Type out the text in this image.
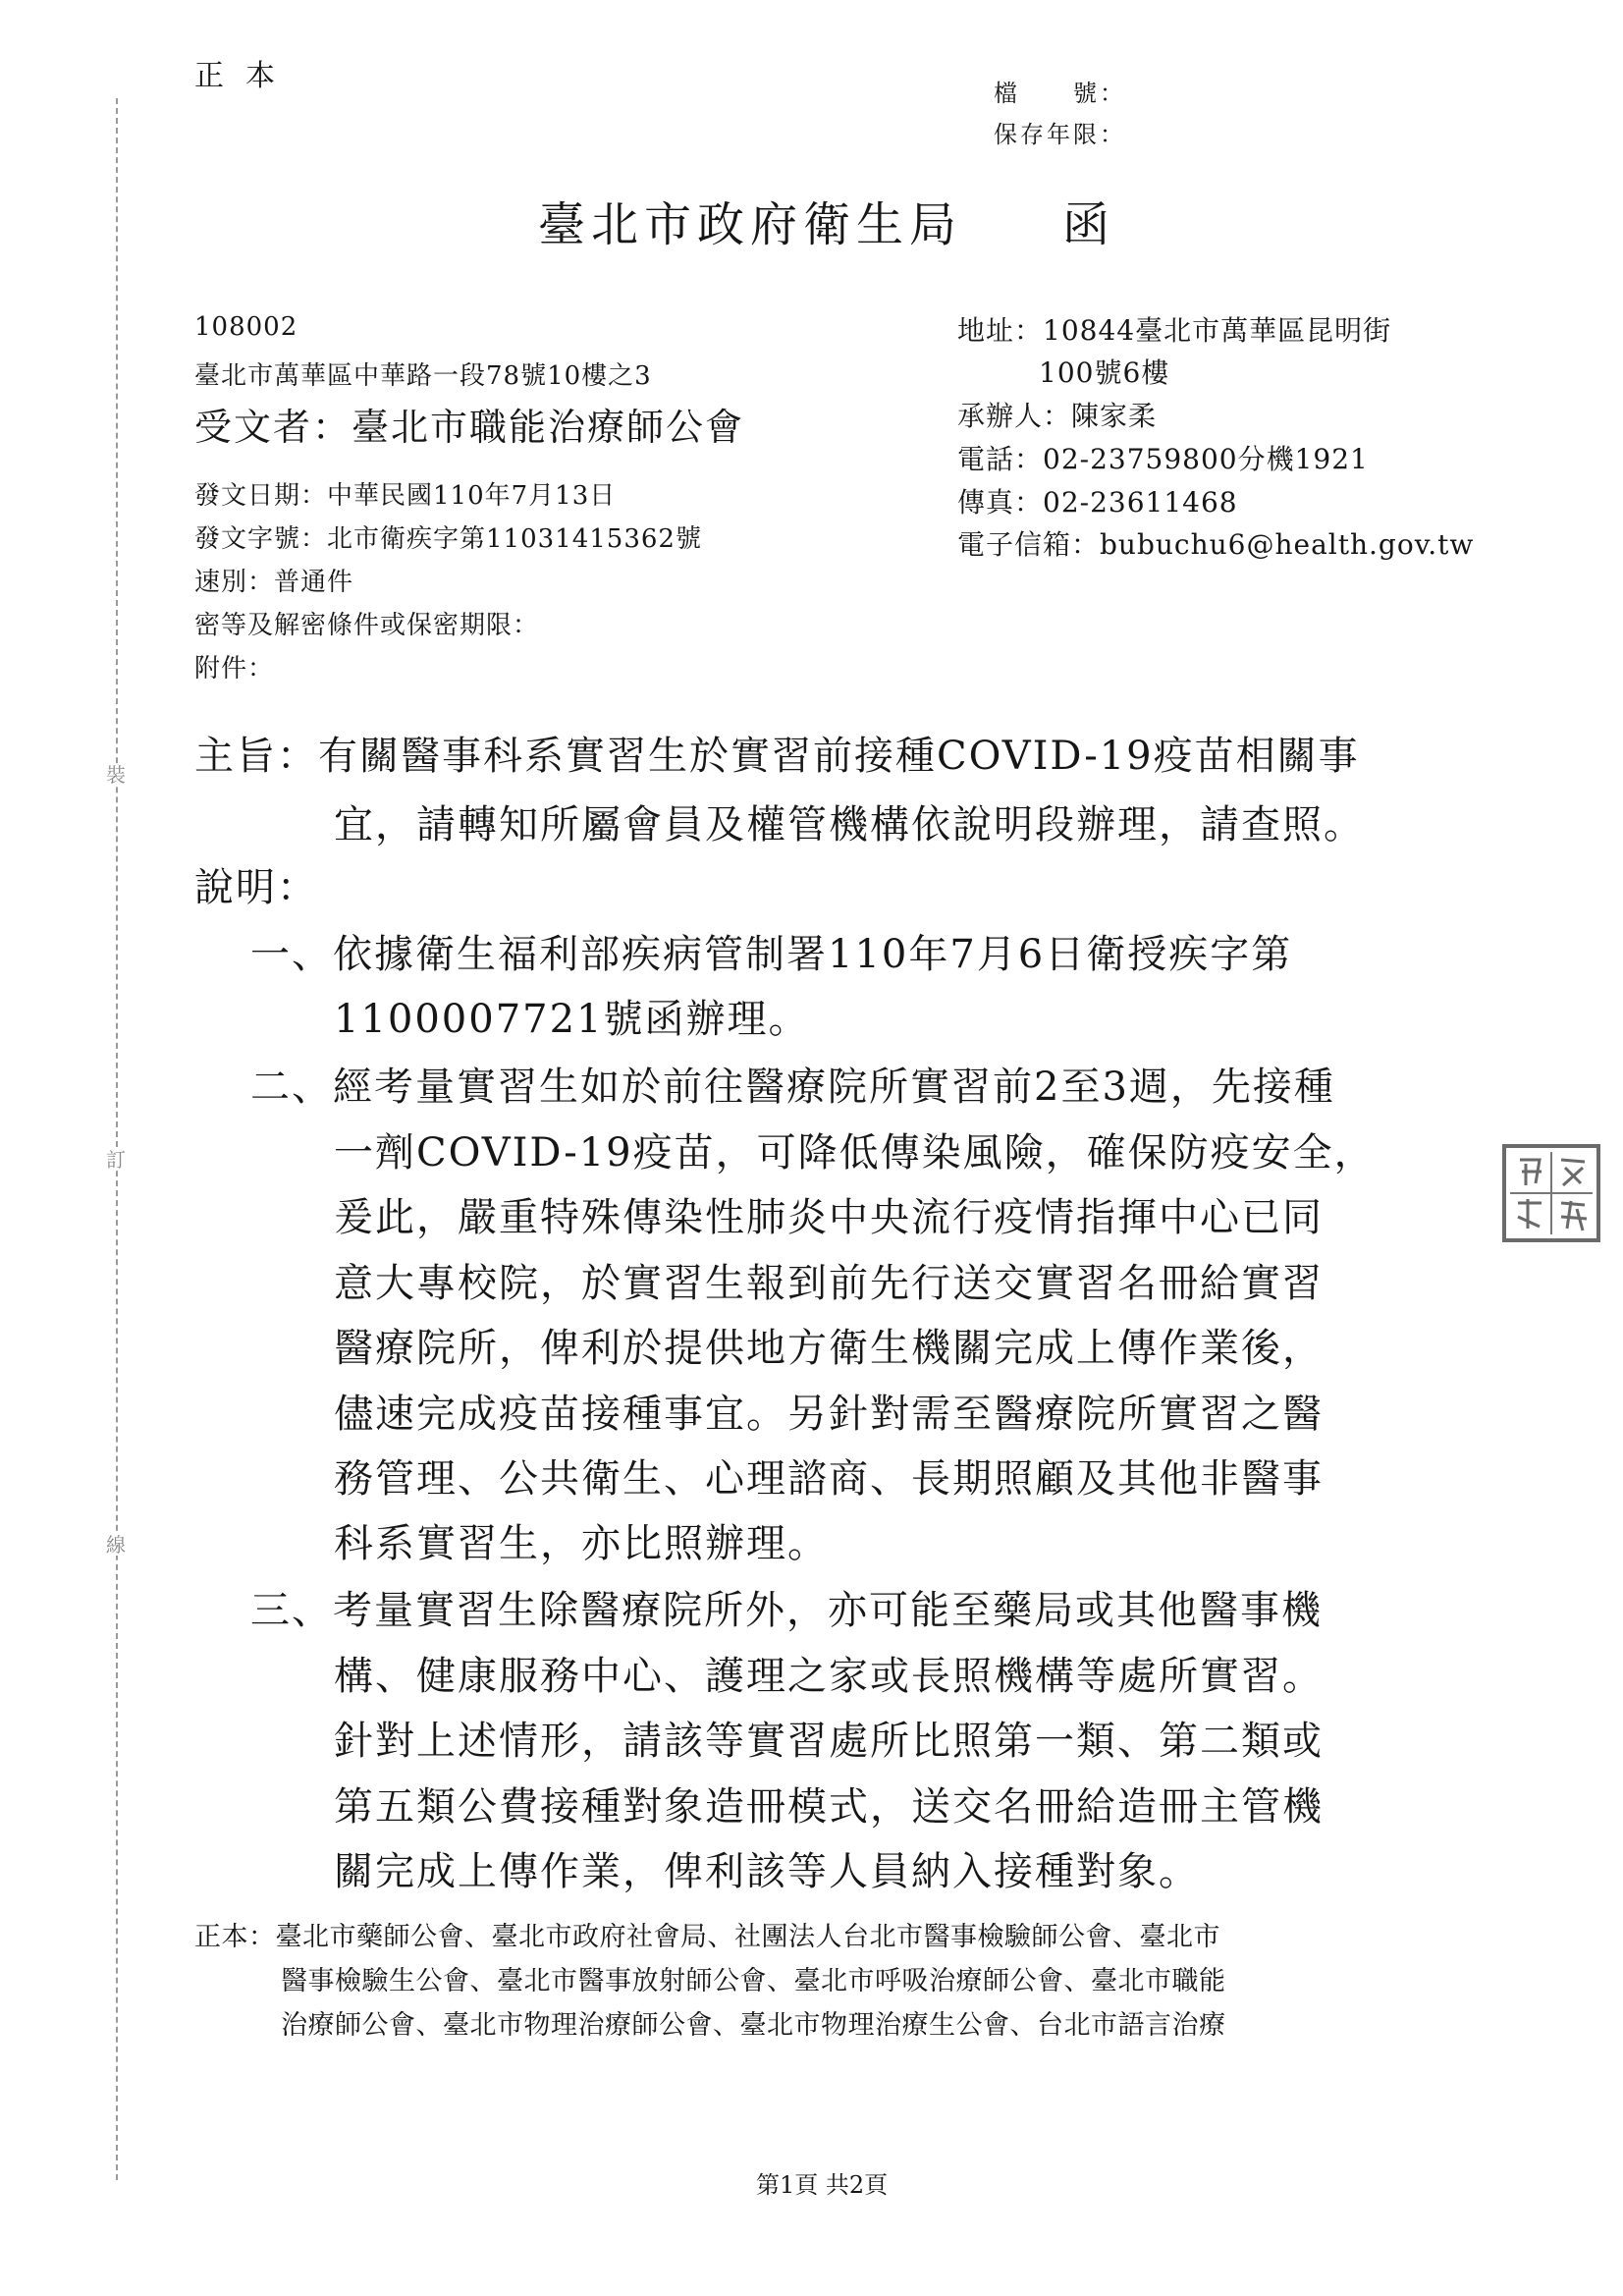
裝
訂
線
正本	檔　　號：
保存年限：
臺北市政府衛生局 函
108002
臺北市萬華區中華路一段78號10樓之3
受文者：臺北市職能治療師公會
地址：10844臺北市萬華區昆明街
100號6樓
承辦人：陳家柔
電話：02-23759800分機1921
傳真：02-23611468
電子信箱：bubuchu6@health.gov.tw
發文日期：中華民國110年7月13日
發文字號：北市衛疾字第11031415362號
速別：普通件
密等及解密條件或保密期限：
附件：
主旨：有關醫事科系實習生於實習前接種COVID-19疫苗相關事
宜，請轉知所屬會員及權管機構依說明段辦理，請查照。
說明：
一、依據衛生福利部疾病管制署110年7月6日衛授疾字第
1100007721號函辦理。
二、經考量實習生如於前往醫療院所實習前2至3週，先接種
一劑COVID-19疫苗，可降低傳染風險，確保防疫安全，
爰此，嚴重特殊傳染性肺炎中央流行疫情指揮中心已同
意大專校院，於實習生報到前先行送交實習名冊給實習
醫療院所，俾利於提供地方衛生機關完成上傳作業後，
儘速完成疫苗接種事宜。另針對需至醫療院所實習之醫
務管理、公共衛生、心理諮商、長期照顧及其他非醫事
科系實習生，亦比照辦理。
三、考量實習生除醫療院所外，亦可能至藥局或其他醫事機
構、健康服務中心、護理之家或長照機構等處所實習。
針對上述情形，請該等實習處所比照第一類、第二類或
第五類公費接種對象造冊模式，送交名冊給造冊主管機
關完成上傳作業，俾利該等人員納入接種對象。
正本：臺北市藥師公會、臺北市政府社會局、社團法人台北市醫事檢驗師公會、臺北市
醫事檢驗生公會、臺北市醫事放射師公會、臺北市呼吸治療師公會、臺北市職能
治療師公會、臺北市物理治療師公會、臺北市物理治療生公會、台北市語言治療
第1頁 共2頁
